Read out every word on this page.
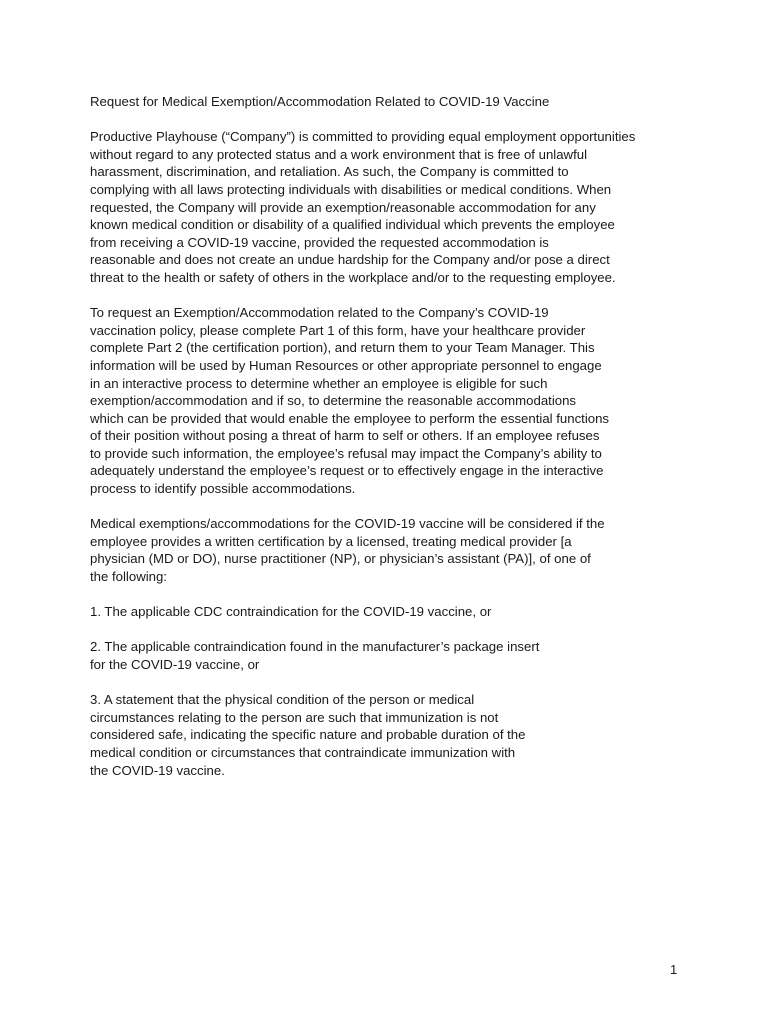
Request for Medical Exemption/Accommodation Related to COVID-19 Vaccine
Productive Playhouse (“Company”) is committed to providing equal employment opportunities
without regard to any protected status and a work environment that is free of unlawful
harassment, discrimination, and retaliation. As such, the Company is committed to
complying with all laws protecting individuals with disabilities or medical conditions. When
requested, the Company will provide an exemption/reasonable accommodation for any
known medical condition or disability of a qualified individual which prevents the employee
from receiving a COVID-19 vaccine, provided the requested accommodation is
reasonable and does not create an undue hardship for the Company and/or pose a direct
threat to the health or safety of others in the workplace and/or to the requesting employee.
To request an Exemption/Accommodation related to the Company’s COVID-19
vaccination policy, please complete Part 1 of this form, have your healthcare provider
complete Part 2 (the certification portion), and return them to your Team Manager. This
information will be used by Human Resources or other appropriate personnel to engage
in an interactive process to determine whether an employee is eligible for such
exemption/accommodation and if so, to determine the reasonable accommodations
which can be provided that would enable the employee to perform the essential functions
of their position without posing a threat of harm to self or others. If an employee refuses
to provide such information, the employee’s refusal may impact the Company’s ability to
adequately understand the employee’s request or to effectively engage in the interactive
process to identify possible accommodations.
Medical exemptions/accommodations for the COVID-19 vaccine will be considered if the
employee provides a written certification by a licensed, treating medical provider [a
physician (MD or DO), nurse practitioner (NP), or physician’s assistant (PA)], of one of
the following:
1. The applicable CDC contraindication for the COVID-19 vaccine, or
2. The applicable contraindication found in the manufacturer’s package insert
for the COVID-19 vaccine, or
3. A statement that the physical condition of the person or medical
circumstances relating to the person are such that immunization is not
considered safe, indicating the specific nature and probable duration of the
medical condition or circumstances that contraindicate immunization with
the COVID-19 vaccine.
1
